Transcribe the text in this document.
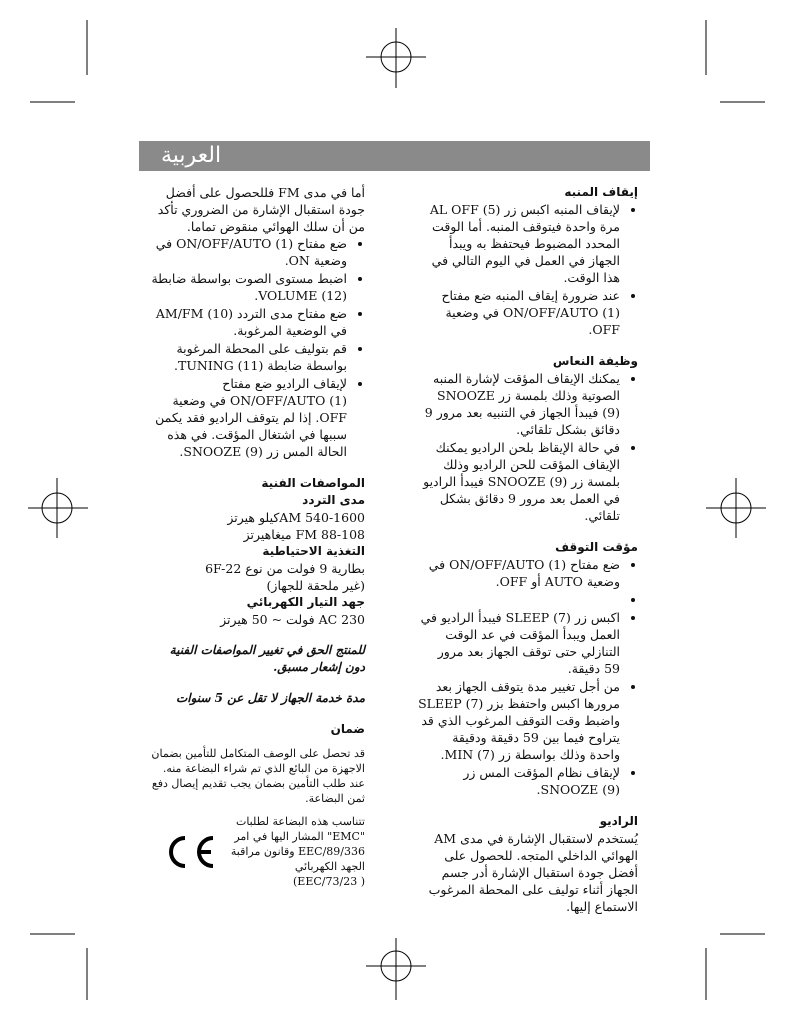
العربية

أما في مدى FM فللحصول على أفضل جودة استقبال الإشارة من الضروري تأكد من أن سلك الهوائي منقوض تماما.

• ضع مفتاح ON/OFF/AUTO (1) في وضعية ON.
• اضبط مستوى الصوت بواسطة ضابطة VOLUME (12).
• ضع مفتاح مدى التردد AM/FM (10) في الوضعية المرغوبة.
• قم بتوليف على المحطة المرغوبة بواسطة ضابطة TUNING (11).
• لإيقاف الراديو ضع مفتاح ON/OFF/AUTO (1) في وضعية OFF. إذا لم يتوقف الراديو فقد يكمن سببها في اشتغال المؤقت. في هذه الحالة المس زر SNOOZE (9).

المواصفات الفنية

مدى التردد

AM 540-1600كيلو هيرتز

FM 88-108 ميغاهيرتز

التغذية الاحتياطية

بطارية 9 فولت من نوع 6F-22

(غير ملحقة للجهاز)

جهد التيار الكهربائي

AC 230 فولت ~ 50 هيرتز

للمنتج الحق في تغيير المواصفات الفنية دون إشعار مسبق.

مدة خدمة الجهاز لا تقل عن 5 سنوات

ضمان

قد تحصل على الوصف المتكامل للتأمين بضمان الاجهزة من البائع الذي تم شراء البضاعة منه. عند طلب التأمين بضمان يجب تقديم إيصال دفع ثمن البضاعة.

تتناسب هذه البضاعة لطلبات
"EMC" المشار اليها في امر
89/336/EEC وقانون مراقبة
الجهد الكهربائي
( 73/23/EEC)

إيقاف المنبه

• لإيقاف المنبه اكبس زر AL OFF (5) مرة واحدة فيتوقف المنبه. أما الوقت المحدد المضبوط فيحتفظ به ويبدأ الجهاز في العمل في اليوم التالي في هذا الوقت.
• عند ضرورة إيقاف المنبه ضع مفتاح ON/OFF/AUTO (1) في وضعية OFF.

وظيفة النعاس

• يمكنك الإيقاف المؤقت لإشارة المنبه الصوتية وذلك بلمسة زر SNOOZE (9) فيبدأ الجهاز في التنبيه بعد مرور 9 دقائق بشكل تلقائي.
• في حالة الإيقاظ بلحن الراديو يمكنك الإيقاف المؤقت للحن الراديو وذلك بلمسة زر SNOOZE (9) فيبدأ الراديو في العمل بعد مرور 9 دقائق بشكل تلقائي.

مؤقت التوقف

• ضع مفتاح ON/OFF/AUTO (1) في وضعية AUTO أو OFF.
•
• اكبس زر SLEEP (7) فيبدأ الراديو في العمل ويبدأ المؤقت في عد الوقت التنازلي حتى توقف الجهاز بعد مرور 59 دقيقة.
• من أجل تغيير مدة يتوقف الجهاز بعد مرورها اكبس واحتفظ بزر SLEEP (7) واضبط وقت التوقف المرغوب الذي قد يتراوح فيما بين 59 دقيقة ودقيقة واحدة وذلك بواسطة زر MIN (7).
• لإيقاف نظام المؤقت المس زر SNOOZE (9).

الراديو

يُستخدم لاستقبال الإشارة في مدى AM الهوائي الداخلي المتجه. للحصول على أفضل جودة استقبال الإشارة أدر جسم الجهاز أثناء توليف على المحطة المرغوب الاستماع إليها.
